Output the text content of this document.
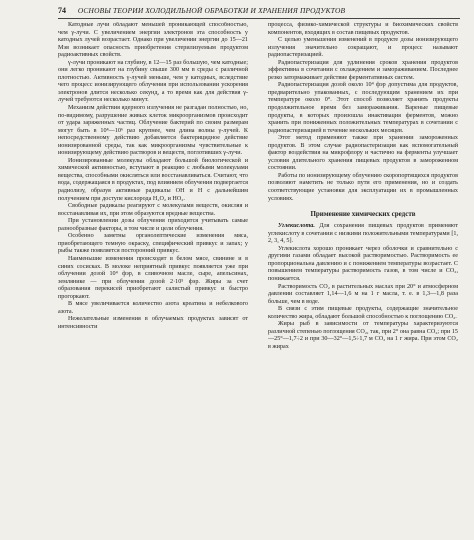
74 ОСНОВЫ ТЕОРИИ ХОЛОДИЛЬНОЙ ОБРАБОТКИ И ХРАНЕНИЯ ПРОДУКТОВ

Катодные лучи обладают меньшей проникающей способностью, чем γ-лучи. С увеличением энергии электронов эта способность у катодных лучей возрастает. Однако при увеличении энергии до 15—21 Мэв возникает опасность приобретения стерилизуемым продуктом радиоактивных свойств.

γ-лучи проникают на глубину, в 12—15 раз большую, чем катодные; они легко проникают на глубину свыше 300 мм в среды с различной плотностью. Активность γ-лучей меньше, чем у катодных, вследствие чего процесс ионизирующего облучения при использовании ускорения электронов длится несколько секунд, а то время как для действия γ-лучей требуются несколько минут.

Механизм действия ядерного излучения не разгадан полностью, но, по-видимому, разрушение живых клеток микроорганизмов происходит от удара заряженных частиц. Облучение бактерий по своим размерам могут быть в 10⁴—10⁶ раз крупнее, чем длина волны γ-лучей. К непосредственному действию добавляется бактерицидное действие ионизированной среды, так как микроорганизмы чувствительные к ионизирующему действию растворов и веществ, поглотивших γ-лучи.

Ионизированные молекулы обладают большой биологической и химической активностью, вступают в реакцию с любыми молекулами вещества, способными окисляться или восстанавливаться. Считают, что вода, содержащаяся в продуктах, под влиянием облучения подвергается радиолизу, образуя активные радикалы OH и H с дальнейшим получением при доступе кислорода H₂O₂ и HO₂.

Свободные радикалы реагируют с молекулами веществ, окисляя и восстанавливая их, при этом образуются вредные вещества.

При установлении дозы облучения приходится учитывать самые разнообразные факторы, в том числе и цели облучения.

Особенно заметны органолептические изменения мяса, приобретающего темную окраску, специфический привкус и запах; у рыбы также появляется посторонний привкус.

Наименьшие изменения происходят в белом мясе, свинине и в синих сосисках. В молоке неприятный привкус появляется уже при облучении дозой 10⁴ фэр, в сливочном масле, сыре, апельсинах, землянике — при облучении дозой 2·10⁵ фэр. Жиры за счет образования перекисей приобретают салистый привкус и быстро прогоркают.

В мясе увеличивается количество азота креатина и небелкового азота.

Нежелательные изменения в облучаемых продуктах зависят от интенсивности

процесса, физико-химической структуры и биохимических свойств компонентов, входящих в состав пищевых продуктов.

С целью уменьшения изменений в продукте дозы ионизирующего излучения значительно сокращают, и процесс называют радиопастеризацией.

Радиопастеризация для удлинения сроков хранения продуктов эффективна в сочетании с охлаждением и замораживанием. Последнее резко затормаживает действие ферментативных систем.

Радиопастеризация дозой около 10⁴ фэр допустима для продуктов, предварительно упакованных, с последующим хранением их при температуре около 0°. Этот способ позволяет хранить продукты продолжительное время без замораживания. Вареные пищевые продукты, в которых произошла инактивация ферментов, можно хранить при пониженных положительных температурах в сочетании с радиопастеризацией в течение нескольких месяцев.

Этот метод применяют также при хранении замороженных продуктов. В этом случае радиопастеризация как вспомогательный фактор воздействия на микрофлору и частично на ферменты улучшает условия длительного хранения пищевых продуктов в замороженном состоянии.

Работы по ионизирующему облучению скоропортящихся продуктов позволяют наметить не только пути его применения, но и создать соответствующие установки для эксплуатации их в промышленных условиях.

Применение химических средств

Углекислота. Для сохранения пищевых продуктов применяют углекислоту в сочетании с низкими положительными температурами [1, 2, 3, 4, 5].

Углекислота хорошо проникает через оболочки и сравнительно с другими газами обладает высокой растворимостью. Растворимость ее пропорциональна давлению и с понижением температуры возрастает. С повышением температуры растворимость газов, в том числе и CO₂, понижается.

Растворимость CO₂ в растительных маслах при 20° и атмосферном давлении составляет 1,14—1,6 м на 1 г масла, т. е. в 1,3—1,8 раза больше, чем в воде.

В связи с этим пищевые продукты, содержащие значительное количество жира, обладают большой способностью к поглощению CO₂.

Жиры рыб в зависимости от температуры характеризуются различной степенью поглощения CO₂, так, при 2° она равна CO₂; при 15—25°—1,7÷2 и при 30—32°—1,5÷1,7 м CO₂ на 1 г жира. При этом CO₂ в жирах
